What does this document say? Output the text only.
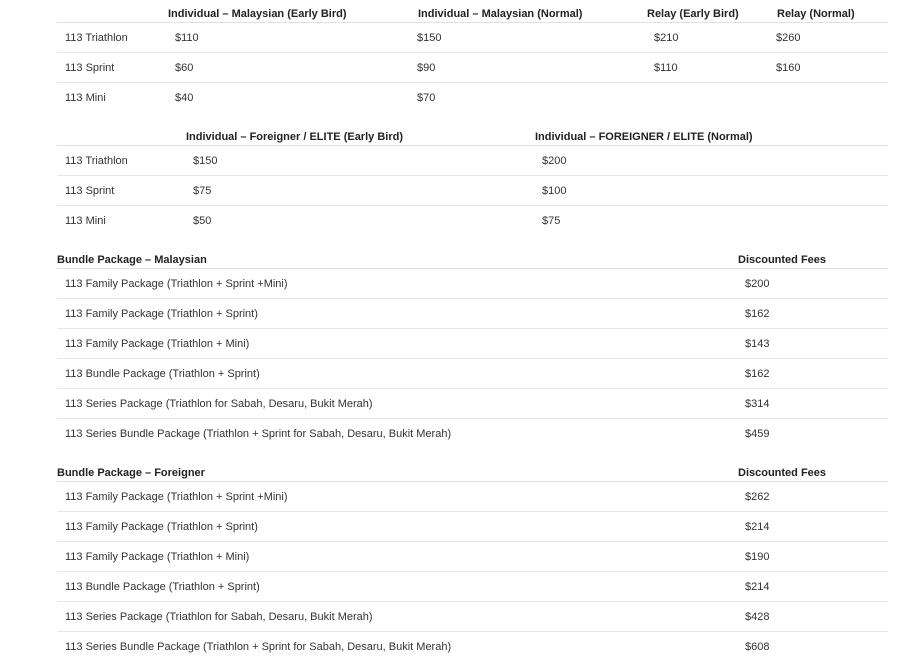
	Individual – Malaysian (Early Bird)	Individual – Malaysian (Normal)	Relay (Early Bird)	Relay (Normal)
113 Triathlon	$110	$150	$210	$260
113 Sprint	$60	$90	$110	$160
113 Mini	$40	$70		
	Individual – Foreigner / ELITE (Early Bird)	Individual – FOREIGNER / ELITE (Normal)
113 Triathlon	$150	$200
113 Sprint	$75	$100
113 Mini	$50	$75
Bundle Package – Malaysian	Discounted Fees
113 Family Package (Triathlon + Sprint +Mini)	$200
113 Family Package (Triathlon + Sprint)	$162
113 Family Package (Triathlon + Mini)	$143
113 Bundle Package (Triathlon + Sprint)	$162
113 Series Package (Triathlon for Sabah, Desaru, Bukit Merah)	$314
113 Series Bundle Package (Triathlon + Sprint for Sabah, Desaru, Bukit Merah)	$459
Bundle Package – Foreigner	Discounted Fees
113 Family Package (Triathlon + Sprint +Mini)	$262
113 Family Package (Triathlon + Sprint)	$214
113 Family Package (Triathlon + Mini)	$190
113 Bundle Package (Triathlon + Sprint)	$214
113 Series Package (Triathlon for Sabah, Desaru, Bukit Merah)	$428
113 Series Bundle Package (Triathlon + Sprint for Sabah, Desaru, Bukit Merah)	$608
